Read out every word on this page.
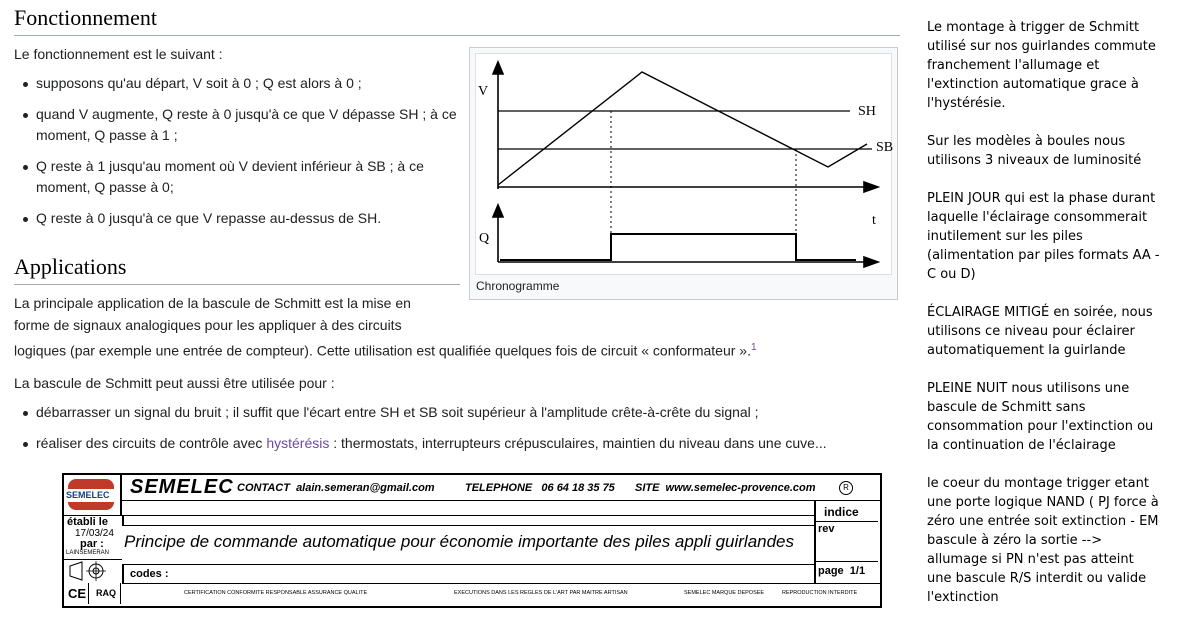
Fonctionnement
Le fonctionnement est le suivant :
supposons qu'au départ, V soit à 0 ; Q est alors à 0 ;
quand V augmente, Q reste à 0 jusqu'à ce que V dépasse SH ; à ce moment, Q passe à 1 ;
Q reste à 1 jusqu'au moment où V devient inférieur à SB ; à ce moment, Q passe à 0;
Q reste à 0 jusqu'à ce que V repasse au-dessus de SH.
Applications
La principale application de la bascule de Schmitt est la mise en
forme de signaux analogiques pour les appliquer à des circuits
logiques (par exemple une entrée de compteur). Cette utilisation est qualifiée quelques fois de circuit « conformateur ».$^1$
La bascule de Schmitt peut aussi être utilisée pour :
débarrasser un signal du bruit ; il suffit que l'écart entre SH et SB soit supérieur à l'amplitude crête-à-crête du signal ;
réaliser des circuits de contrôle avec hystérésis : thermostats, interrupteurs crépusculaires, maintien du niveau dans une cuve...
V
SH
SB
t
Q
Chronogramme

Le montage à trigger de Schmitt
utilisé sur nos guirlandes commute
franchement l'allumage et
l'extinction automatique grace à
l'hystérésie.

Sur les modèles à boules nous
utilisons 3 niveaux de luminosité

PLEIN JOUR qui est la phase durant
laquelle l'éclairage consommerait
inutilement sur les piles
(alimentation par piles formats AA -
C ou D)

ÉCLAIRAGE MITIGÉ en soirée, nous
utilisons ce niveau pour éclairer
automatiquement la guirlande

PLEINE NUIT nous utilisons une
bascule de Schmitt sans
consommation pour l'extinction ou
la continuation de l'éclairage

le coeur du montage trigger etant
une porte logique NAND ( PJ force à
zéro une entrée soit extinction - EM
bascule à zéro la sortie -->
allumage si PN n'est pas atteint

une bascule R/S interdit ou valide
l'extinction

SEMELEC SEMELEC CONTACT  alain.semeran@gmail.com	TELEPHONE   06 64 18 35 75 SITE  www.semelec-provence.com	R
établi le
17/03/24
par :
LAINSEMERAN
Principe de commande automatique pour économie importante des piles appli guirlandes
indice
rev
page  1/1
codes :
CE RAQ	CERTIFICATION CONFORMITE RESPONSABLE ASSURANCE QUALITE	EXECUTIONS DANS LES REGLES DE L'ART PAR MAITRE ARTISAN	SEMELEC MARQUE DEPOSEE	REPRODUCTION INTERDITE
